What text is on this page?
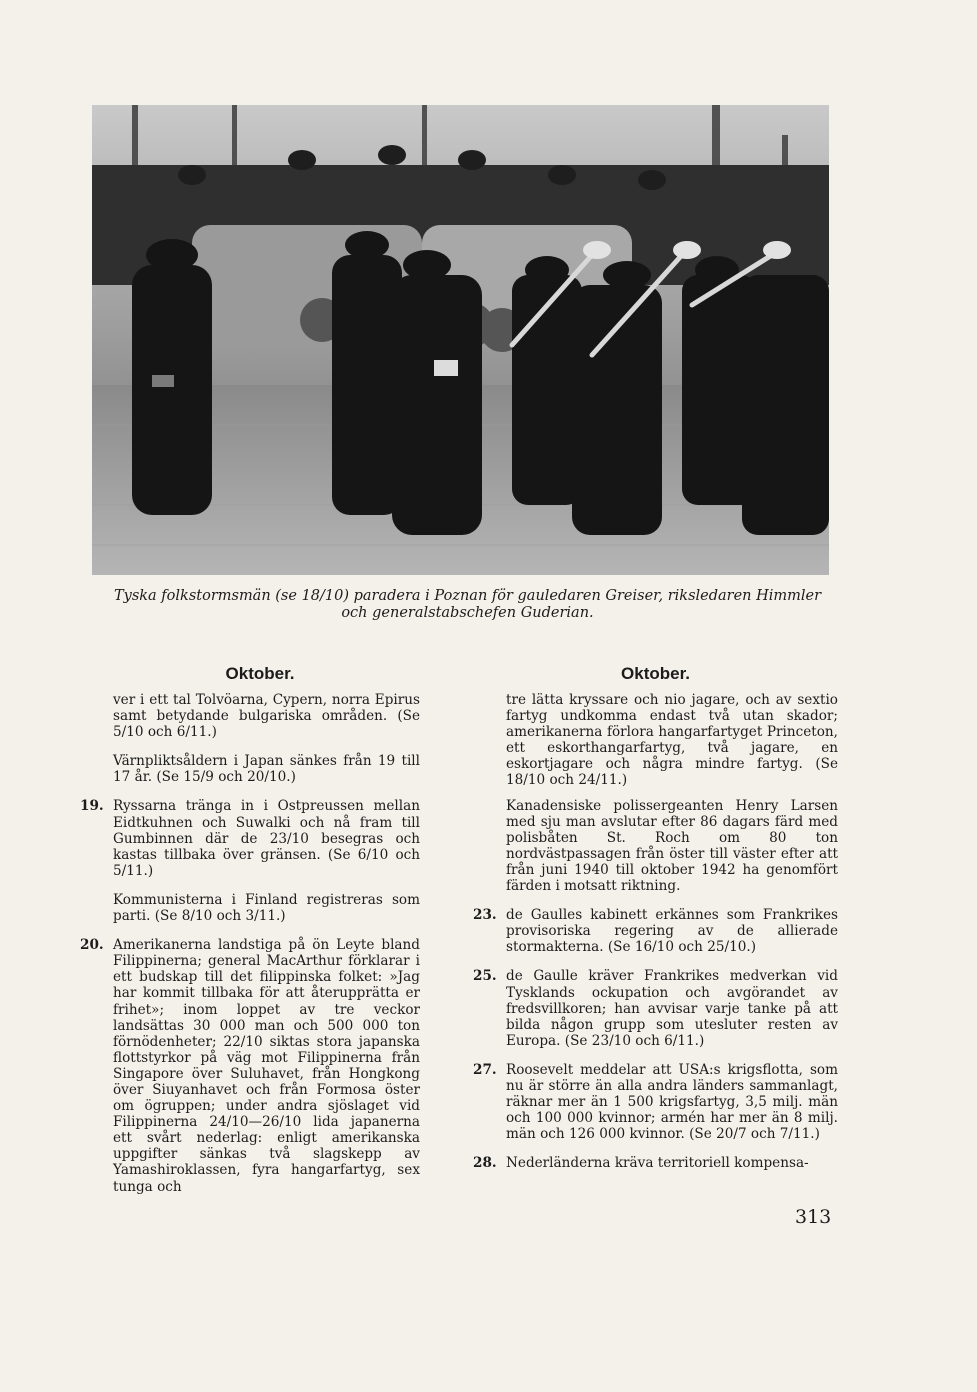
Tyska folkstormsmän (se 18/10) paradera i Poznan för gauledaren Greiser, riksledaren Himmler och generalstabschefen Guderian.
Oktober.
ver i ett tal Tolvöarna, Cypern, norra Epirus samt betydande bulgariska områden. (Se 5/10 och 6/11.)
Värnpliktsåldern i Japan sänkes från 19 till 17 år. (Se 15/9 och 20/10.)
19. Ryssarna tränga in i Ostpreussen mellan Eidtkuhnen och Suwalki och nå fram till Gumbinnen där de 23/10 besegras och kastas tillbaka över gränsen. (Se 6/10 och 5/11.)
Kommunisterna i Finland registreras som parti. (Se 8/10 och 3/11.)
20. Amerikanerna landstiga på ön Leyte bland Filippinerna; general MacArthur förklarar i ett budskap till det filippinska folket: »Jag har kommit tillbaka för att återupprätta er frihet»; inom loppet av tre veckor landsättas 30 000 man och 500 000 ton förnödenheter; 22/10 siktas stora japanska flottstyrkor på väg mot Filippinerna från Singapore över Suluhavet, från Hongkong över Siuyanhavet och från Formosa öster om ögruppen; under andra sjöslaget vid Filippinerna 24/10—26/10 lida japanerna ett svårt nederlag: enligt amerikanska uppgifter sänkas två slagskepp av Yamashiroklassen, fyra hangarfartyg, sex tunga och
Oktober.
tre lätta kryssare och nio jagare, och av sextio fartyg undkomma endast två utan skador; amerikanerna förlora hangarfartyget Princeton, ett eskorthangarfartyg, två jagare, en eskortjagare och några mindre fartyg. (Se 18/10 och 24/11.)
Kanadensiske polissergeanten Henry Larsen med sju man avslutar efter 86 dagars färd med polisbåten St. Roch om 80 ton nordvästpassagen från öster till väster efter att från juni 1940 till oktober 1942 ha genomfört färden i motsatt riktning.
23. de Gaulles kabinett erkännes som Frankrikes provisoriska regering av de allierade stormakterna. (Se 16/10 och 25/10.)
25. de Gaulle kräver Frankrikes medverkan vid Tysklands ockupation och avgörandet av fredsvillkoren; han avvisar varje tanke på att bilda någon grupp som utesluter resten av Europa. (Se 23/10 och 6/11.)
27. Roosevelt meddelar att USA:s krigsflotta, som nu är större än alla andra länders sammanlagt, räknar mer än 1 500 krigsfartyg, 3,5 milj. män och 100 000 kvinnor; armén har mer än 8 milj. män och 126 000 kvinnor. (Se 20/7 och 7/11.)
28. Nederländerna kräva territoriell kompensa-
313
